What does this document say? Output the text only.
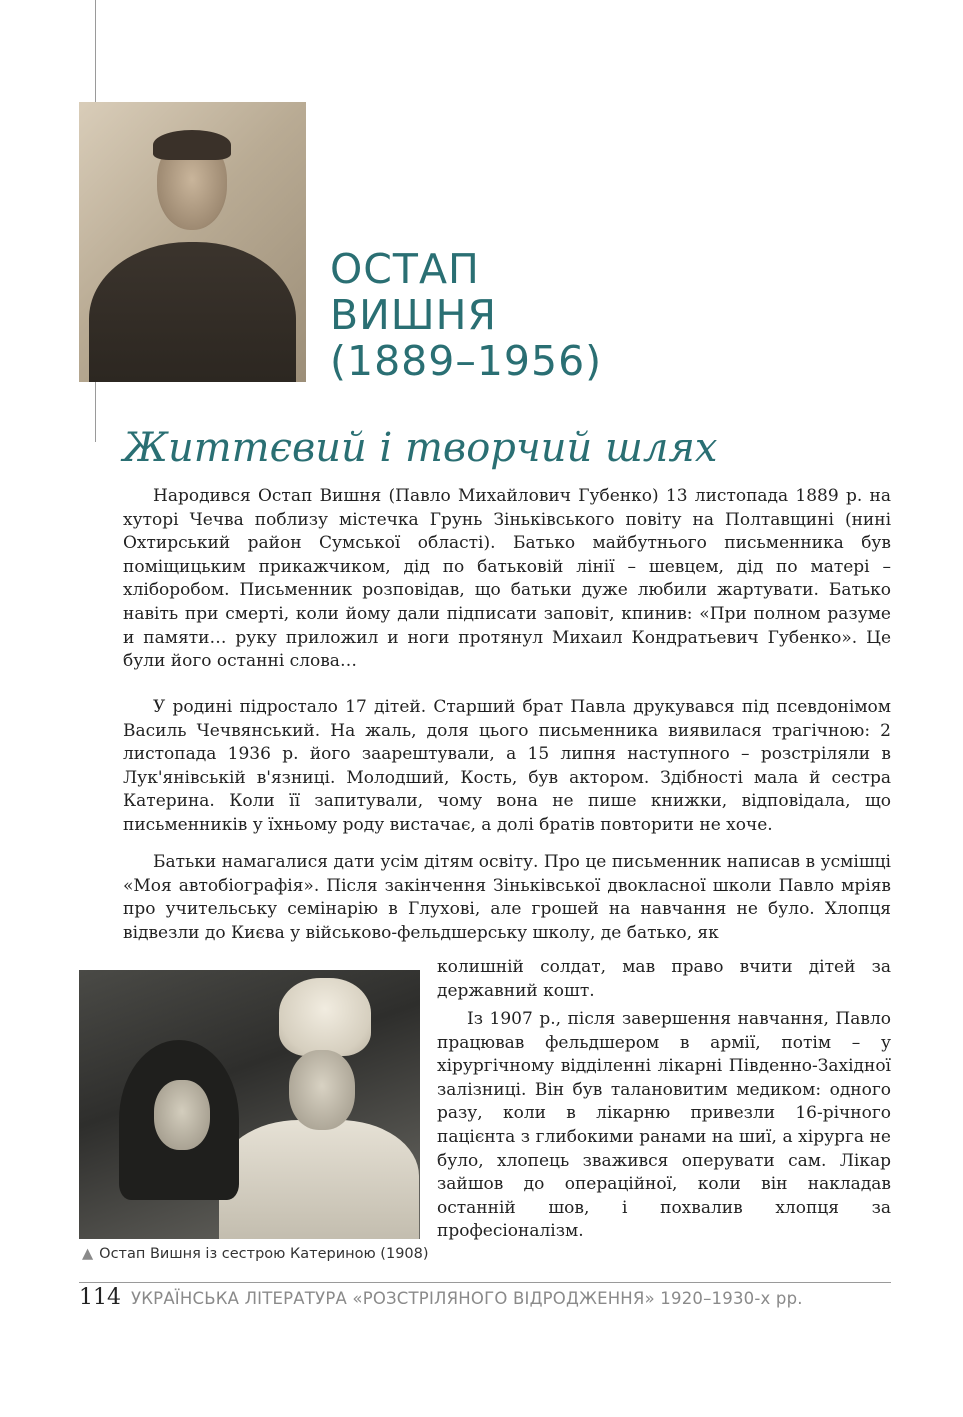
ОСТАП
ВИШНЯ
(1889–1956)
Життєвий і творчий шлях

Народився Остап Вишня (Павло Михайлович Губенко) 13 листопада 1889 р. на хуторі Чечва поблизу містечка Грунь Зіньківського повіту на Полтавщині (нині Охтирський район Сумської області). Батько майбутнього письменника був поміщицьким прикажчиком, дід по батьковій лінії – шевцем, дід по матері – хліборобом. Письменник розповідав, що батьки дуже любили жартувати. Батько навіть при смерті, коли йому дали підписати заповіт, кпинив: «При полном разуме и памяти… руку приложил и ноги протянул Михаил Кондратьевич Губенко». Це були його останні слова…

У родині підростало 17 дітей. Старший брат Павла друкувався під псевдонімом Василь Чечвянський. На жаль, доля цього письменника виявилася трагічною: 2 листопада 1936 р. його заарештували, а 15 липня наступного – розстріляли в Лук'янівській в'язниці. Молодший, Кость, був актором. Здібності мала й сестра Катерина. Коли її запитували, чому вона не пише книжки, відповідала, що письменників у їхньому роду вистачає, а долі братів повторити не хоче.

Батьки намагалися дати усім дітям освіту. Про це письменник написав в усмішці «Моя автобіографія». Після закінчення Зіньківської двокласної школи Павло мріяв про учительську семінарію в Глухові, але грошей на навчання не було. Хлопця відвезли до Києва у військово-фельдшерську школу, де батько, як

колишній солдат, мав право вчити дітей за державний кошт.

Із 1907 р., після завершення навчання, Павло працював фельдшером в армії, потім – у хірургічному відділенні лікарні Південно-Західної залізниці. Він був талановитим медиком: одного разу, коли в лікарню привезли 16-річного пацієнта з глибокими ранами на шиї, а хірурга не було, хлопець зважився оперувати сам. Лікар зайшов до операційної, коли він накладав останній шов, і похвалив хлопця за професіоналізм.

▲ Остап Вишня із сестрою Катериною (1908)
114 УКРАЇНСЬКА ЛІТЕРАТУРА «РОЗСТРІЛЯНОГО ВІДРОДЖЕННЯ» 1920–1930-х рр.
